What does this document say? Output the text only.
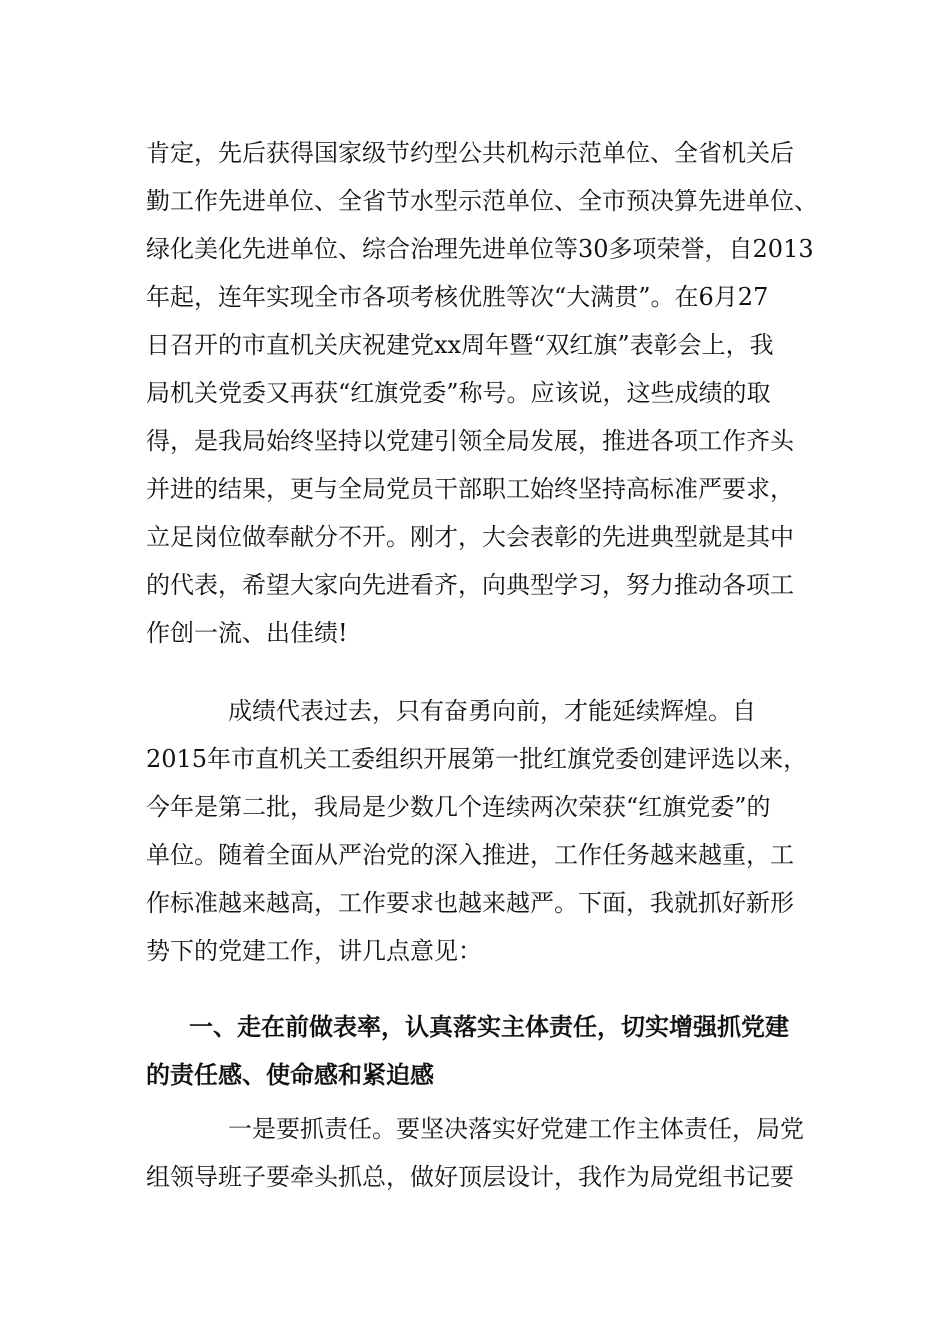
肯定，先后获得国家级节约型公共机构示范单位、全省机关后
勤工作先进单位、全省节水型示范单位、全市预决算先进单位、
绿化美化先进单位、综合治理先进单位等30多项荣誉，自2013
年起，连年实现全市各项考核优胜等次“大满贯”。在6月27
日召开的市直机关庆祝建党xx周年暨“双红旗”表彰会上，我
局机关党委又再获“红旗党委”称号。应该说，这些成绩的取
得，是我局始终坚持以党建引领全局发展，推进各项工作齐头
并进的结果，更与全局党员干部职工始终坚持高标准严要求，
立足岗位做奉献分不开。刚才，大会表彰的先进典型就是其中
的代表，希望大家向先进看齐，向典型学习，努力推动各项工
作创一流、出佳绩!
成绩代表过去，只有奋勇向前，才能延续辉煌。自
2015年市直机关工委组织开展第一批红旗党委创建评选以来，
今年是第二批，我局是少数几个连续两次荣获“红旗党委”的
单位。随着全面从严治党的深入推进，工作任务越来越重，工
作标准越来越高，工作要求也越来越严。下面，我就抓好新形
势下的党建工作，讲几点意见：
一、走在前做表率，认真落实主体责任，切实增强抓党建
的责任感、使命感和紧迫感
一是要抓责任。要坚决落实好党建工作主体责任，局党
组领导班子要牵头抓总，做好顶层设计，我作为局党组书记要
